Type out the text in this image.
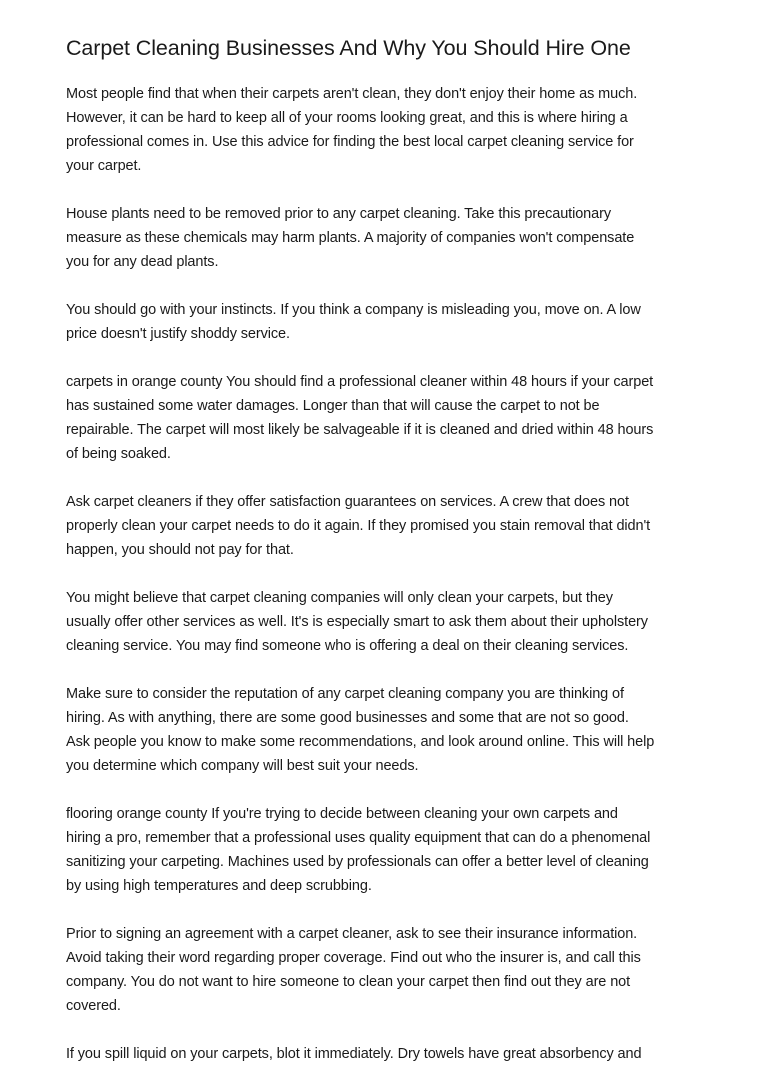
Carpet Cleaning Businesses And Why You Should Hire One

Most people find that when their carpets aren't clean, they don't enjoy their home as much.
However, it can be hard to keep all of your rooms looking great, and this is where hiring a
professional comes in. Use this advice for finding the best local carpet cleaning service for
your carpet.

House plants need to be removed prior to any carpet cleaning. Take this precautionary
measure as these chemicals may harm plants. A majority of companies won't compensate
you for any dead plants.

You should go with your instincts. If you think a company is misleading you, move on. A low
price doesn't justify shoddy service.

carpets in orange county You should find a professional cleaner within 48 hours if your carpet
has sustained some water damages. Longer than that will cause the carpet to not be
repairable. The carpet will most likely be salvageable if it is cleaned and dried within 48 hours
of being soaked.

Ask carpet cleaners if they offer satisfaction guarantees on services. A crew that does not
properly clean your carpet needs to do it again. If they promised you stain removal that didn't
happen, you should not pay for that.

You might believe that carpet cleaning companies will only clean your carpets, but they
usually offer other services as well. It's is especially smart to ask them about their upholstery
cleaning service. You may find someone who is offering a deal on their cleaning services.

Make sure to consider the reputation of any carpet cleaning company you are thinking of
hiring. As with anything, there are some good businesses and some that are not so good.
Ask people you know to make some recommendations, and look around online. This will help
you determine which company will best suit your needs.

flooring orange county If you're trying to decide between cleaning your own carpets and
hiring a pro, remember that a professional uses quality equipment that can do a phenomenal
sanitizing your carpeting. Machines used by professionals can offer a better level of cleaning
by using high temperatures and deep scrubbing.

Prior to signing an agreement with a carpet cleaner, ask to see their insurance information.
Avoid taking their word regarding proper coverage. Find out who the insurer is, and call this
company. You do not want to hire someone to clean your carpet then find out they are not
covered.

If you spill liquid on your carpets, blot it immediately. Dry towels have great absorbency and
